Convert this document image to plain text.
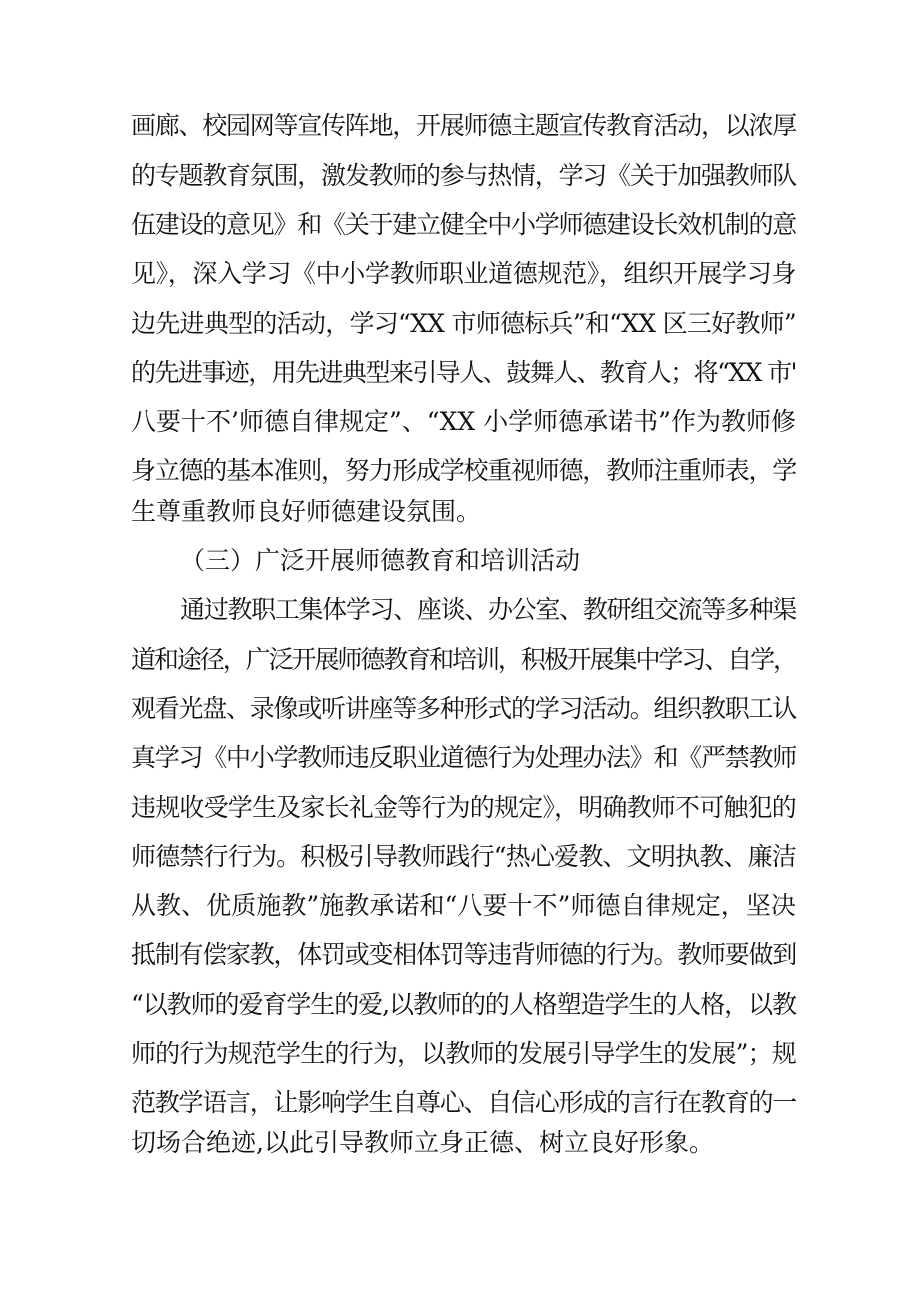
画廊、校园网等宣传阵地，开展师德主题宣传教育活动，以浓厚
的专题教育氛围，激发教师的参与热情，学习《关于加强教师队
伍建设的意见》和《关于建立健全中小学师德建设长效机制的意
见》，深入学习《中小学教师职业道德规范》，组织开展学习身
边先进典型的活动，学习“XX 市师德标兵”和“XX 区三好教师”
的先进事迹，用先进典型来引导人、鼓舞人、教育人；将“XX 市'
八要十不’师德自律规定”、“XX 小学师德承诺书”作为教师修
身立德的基本准则，努力形成学校重视师德，教师注重师表，学
生尊重教师良好师德建设氛围。
（三）广泛开展师德教育和培训活动
通过教职工集体学习、座谈、办公室、教研组交流等多种渠
道和途径，广泛开展师德教育和培训，积极开展集中学习、自学，
观看光盘、录像或听讲座等多种形式的学习活动。组织教职工认
真学习《中小学教师违反职业道德行为处理办法》和《严禁教师
违规收受学生及家长礼金等行为的规定》，明确教师不可触犯的
师德禁行行为。积极引导教师践行“热心爱教、文明执教、廉洁
从教、优质施教”施教承诺和“八要十不”师德自律规定，坚决
抵制有偿家教，体罚或变相体罚等违背师德的行为。教师要做到
“以教师的爱育学生的爱,以教师的的人格塑造学生的人格，以教
师的行为规范学生的行为，以教师的发展引导学生的发展”；规
范教学语言，让影响学生自尊心、自信心形成的言行在教育的一
切场合绝迹,以此引导教师立身正德、树立良好形象。
